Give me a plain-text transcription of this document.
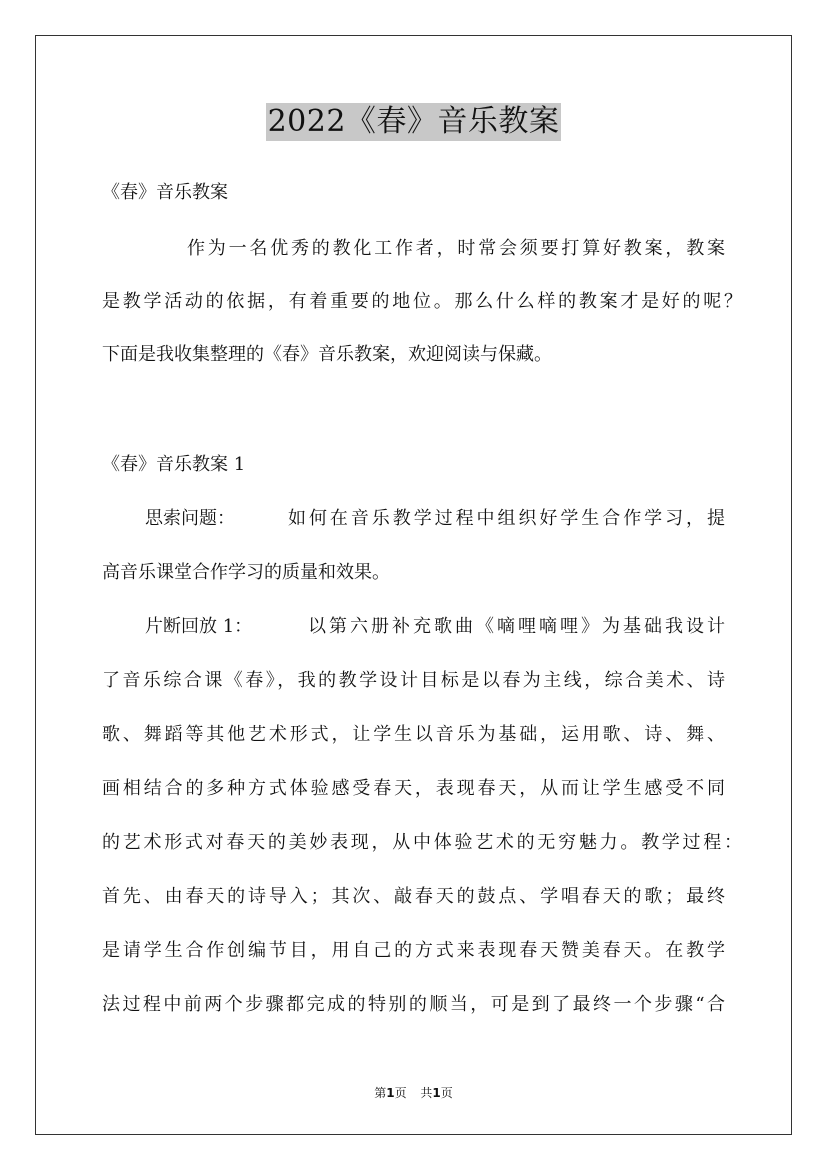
2022《春》音乐教案
《春》音乐教案
作为一名优秀的教化工作者，时常会须要打算好教案，教案
是教学活动的依据，有着重要的地位。那么什么样的教案才是好的呢？
下面是我收集整理的《春》音乐教案，欢迎阅读与保藏。
《春》音乐教案 1
思索问题：	如何在音乐教学过程中组织好学生合作学习，提
高音乐课堂合作学习的质量和效果。
片断回放 1：	以第六册补充歌曲《嘀哩嘀哩》为基础我设计
了音乐综合课《春》，我的教学设计目标是以春为主线，综合美术、诗
歌、舞蹈等其他艺术形式，让学生以音乐为基础，运用歌、诗、舞、
画相结合的多种方式体验感受春天，表现春天，从而让学生感受不同
的艺术形式对春天的美妙表现，从中体验艺术的无穷魅力。教学过程：
首先、由春天的诗导入；其次、敲春天的鼓点、学唱春天的歌；最终
是请学生合作创编节目，用自己的方式来表现春天赞美春天。在教学
法过程中前两个步骤都完成的特别的顺当，可是到了最终一个步骤“合
第1页 共1页
